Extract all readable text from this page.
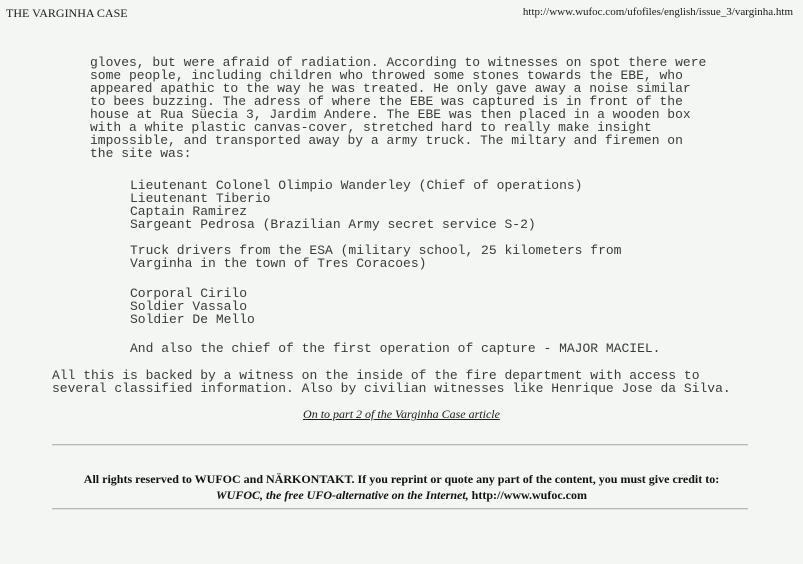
THE VARGINHA CASE	http://www.wufoc.com/ufofiles/english/issue_3/varginha.htm
gloves, but were afraid of radiation. According to witnesses on spot there were
some people, including children who throwed some stones towards the EBE, who
appeared apathic to the way he was treated. He only gave away a noise similar
to bees buzzing. The adress of where the EBE was captured is in front of the
house at Rua Süecia 3, Jardim Andere. The EBE was then placed in a wooden box
with a white plastic canvas-cover, stretched hard to really make insight
impossible, and transported away by a army truck. The miltary and firemen on
the site was:
Lieutenant Colonel Olimpio Wanderley (Chief of operations)
Lieutenant Tiberio
Captain Ramirez
Sargeant Pedrosa (Brazilian Army secret service S-2)
Truck drivers from the ESA (military school, 25 kilometers from
Varginha in the town of Tres Coracoes)
Corporal Cirilo
Soldier Vassalo
Soldier De Mello
And also the chief of the first operation of capture - MAJOR MACIEL.
All this is backed by a witness on the inside of the fire department with access to
several classified information. Also by civilian witnesses like Henrique Jose da Silva.
On to part 2 of the Varginha Case article
All rights reserved to WUFOC and NÄRKONTAKT. If you reprint or quote any part of the content, you must give credit to:
WUFOC, the free UFO-alternative on the Internet, http://www.wufoc.com
